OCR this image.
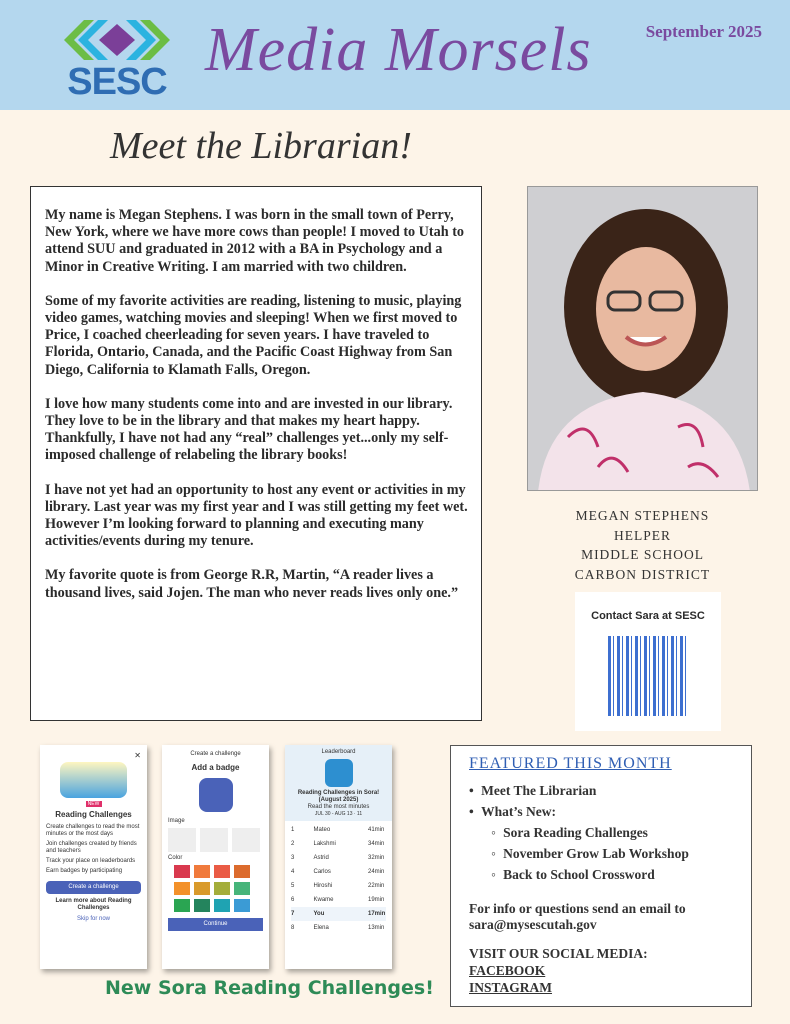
SESC Media Morsels	September 2025
Meet the Librarian!

My name is Megan Stephens. I was born in the small town of Perry, New York, where we have more cows than people! I moved to Utah to attend SUU and graduated in 2012 with a BA in Psychology and a Minor in Creative Writing. I am married with two children.

Some of my favorite activities are reading, listening to music, playing video games, watching movies and sleeping! When we first moved to Price, I coached cheerleading for seven years. I have traveled to Florida, Ontario, Canada, and the Pacific Coast Highway from San Diego, California to Klamath Falls, Oregon.

I love how many students come into and are invested in our library. They love to be in the library and that makes my heart happy. Thankfully, I have not had any “real” challenges yet...only my self-imposed challenge of relabeling the library books!

I have not yet had an opportunity to host any event or activities in my library. Last year was my first year and I was still getting my feet wet. However I’m looking forward to planning and executing many activities/events during my tenure.

My favorite quote is from George R.R, Martin, “A reader lives a thousand lives, said Jojen. The man who never reads lives only one.”

MEGAN STEPHENS
HELPER
MIDDLE SCHOOL
CARBON DISTRICT
Contact Sara at SESC
✕
NEW
Reading Challenges
Create challenges to read the most minutes or the most days
Join challenges created by friends and teachers
Track your place on leaderboards
Earn badges by participating
Create a challenge
Learn more about Reading Challenges
Skip for now
Create a challenge
Add a badge
Image
Color
Continue
Leaderboard
Reading Challenges in Sora! (August 2025)
Read the most minutes
JUL 30 - AUG 13 · 11
1	Mateo	41min
2	Lakshmi	34min
3	Astrid	32min
4	Carlos	24min
5	Hiroshi	22min
6	Kwame	19min
7	You	17min
8	Elena	13min
New Sora Reading Challenges!
FEATURED THIS MONTH
• Meet The Librarian
• What’s New:
◦ Sora Reading Challenges
◦ November Grow Lab Workshop
◦ Back to School Crossword
For info or questions send an email to sara@mysescutah.gov
VISIT OUR SOCIAL MEDIA:
FACEBOOK
INSTAGRAM
